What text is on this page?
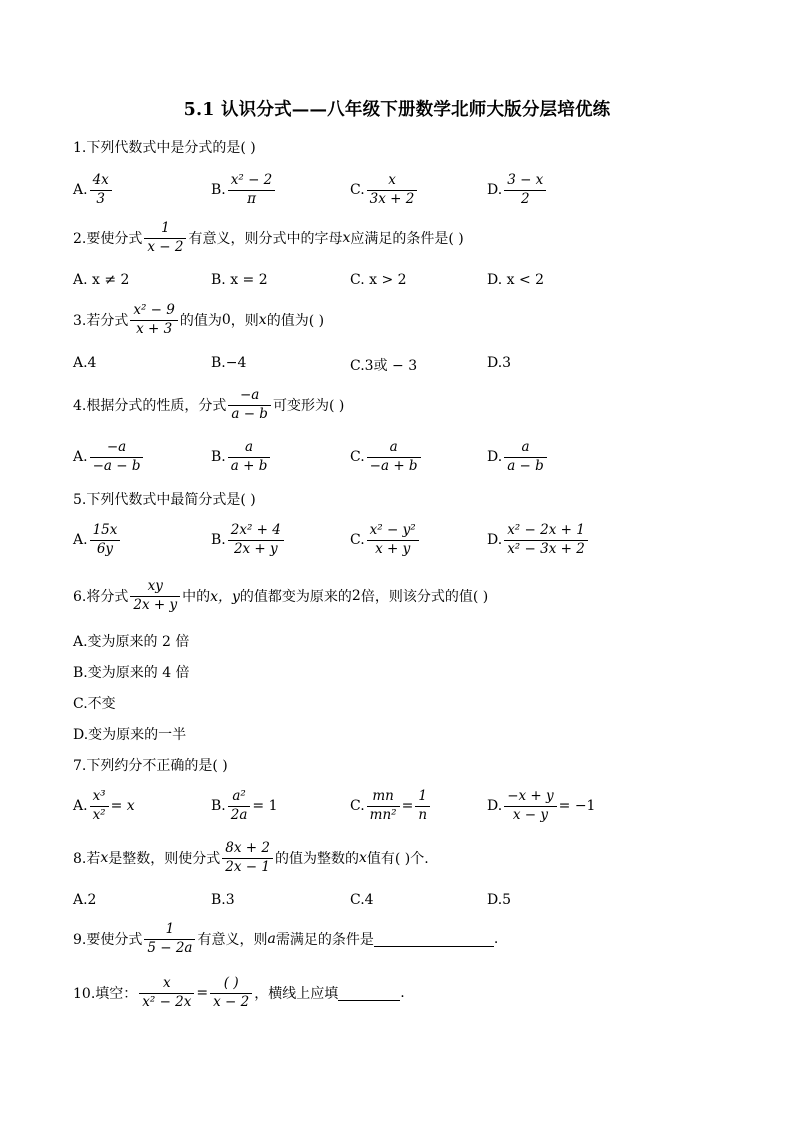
5.1 认识分式——八年级下册数学北师大版分层培优练
1.下列代数式中是分式的是( )
A. $\frac{4x}{3}$	B. $\frac{\text{x² − 2}}{\pi}$	C. $\frac{x}{3x + 2}$	D. $\frac{3 - x}{2}$
2.要使分式 $\frac{1}{x - 2}$ 有意义，则分式中的字母 x 应满足的条件是( )
A. x ≠ 2	B. x = 2	C. x > 2	D. x < 2
3.若分式 $\frac{\text{x² − 9}}{x + 3}$ 的值为 0 ，则 x 的值为( )
A.4	B.−4	C.3或 − 3	D.3
4.根据分式的性质，分式 $\frac{-a}{a - b}$ 可变形为( )
A. $\frac{-a}{-a - b}$	B. $\frac{a}{a + b}$	C. $\frac{a}{-a + b}$	D. $\frac{a}{a - b}$
5.下列代数式中最简分式是( )
A. $\frac{15x}{6y}$	B. $\frac{\text{2x² + 4}}{2x + y}$	C. $\frac{\text{x² − y²}}{x + y}$	D. $\frac{\text{x² − 2x + 1}}{\text{x² − 3x + 2}}$
6.将分式 $\frac{xy}{2x + y}$ 中的 x，y 的值都变为原来的 2 倍，则该分式的值( )
A.变为原来的 2 倍
B.变为原来的 4 倍
C.不变
D.变为原来的一半
7.下列约分不正确的是( )
A. $\frac{\text{x³}}{\text{x²}} = x$	B. $\frac{\text{a²}}{2a} = 1$	C. $\frac{mn}{\text{mn²}} = \frac{1}{n}$	D. $\frac{-x + y}{x - y} = -1$
8.若 x 是整数，则使分式 $\frac{8x + 2}{2x - 1}$ 的值为整数的 x 值有( )个.
A.2	B.3	C.4	D.5
9.要使分式 $\frac{1}{5 - 2a}$ 有意义，则 a 需满足的条件是	.
10.填空： $\frac{x}{\text{x² − 2x}} = \frac{( )}{x - 2}$ ，横线上应填	.
